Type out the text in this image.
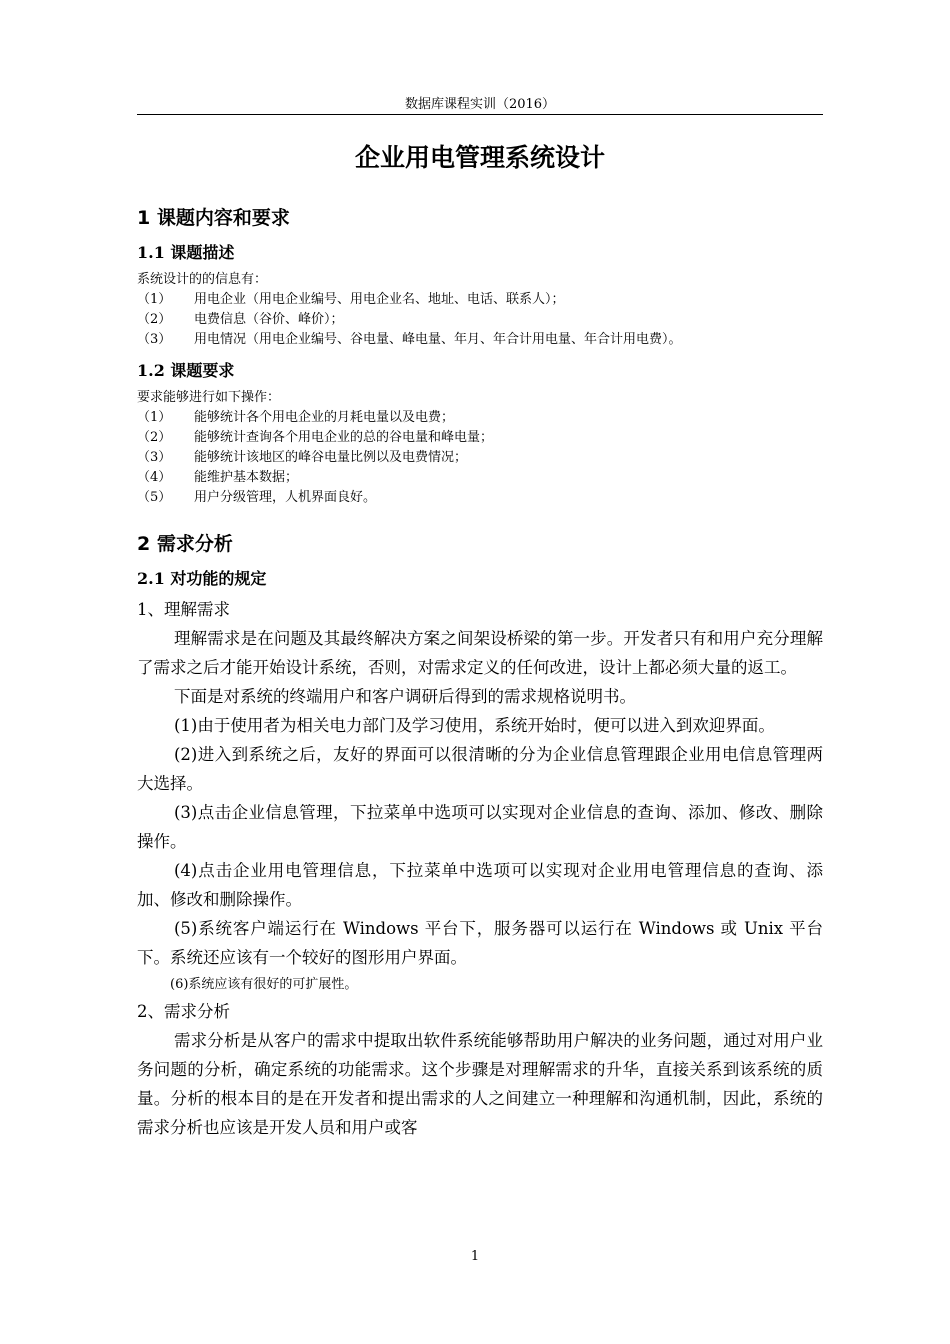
数据库课程实训（2016）
企业用电管理系统设计
1 课题内容和要求
1.1 课题描述

系统设计的的信息有：

（1）	用电企业（用电企业编号、用电企业名、地址、电话、联系人）；
（2）	电费信息（谷价、峰价）；
（3）	用电情况（用电企业编号、谷电量、峰电量、年月、年合计用电量、年合计用电费）。
1.2 课题要求

要求能够进行如下操作：

（1）	能够统计各个用电企业的月耗电量以及电费；
（2）	能够统计查询各个用电企业的总的谷电量和峰电量；
（3）	能够统计该地区的峰谷电量比例以及电费情况；
（4）	能维护基本数据；
（5）	用户分级管理，人机界面良好。
2 需求分析
2.1 对功能的规定

1、理解需求

理解需求是在问题及其最终解决方案之间架设桥梁的第一步。开发者只有和用户充分理解了需求之后才能开始设计系统，否则，对需求定义的任何改进，设计上都必须大量的返工。

下面是对系统的终端用户和客户调研后得到的需求规格说明书。

(1)由于使用者为相关电力部门及学习使用，系统开始时，便可以进入到欢迎界面。

(2)进入到系统之后，友好的界面可以很清晰的分为企业信息管理跟企业用电信息管理两大选择。

(3)点击企业信息管理，下拉菜单中选项可以实现对企业信息的查询、添加、修改、删除操作。

(4)点击企业用电管理信息，下拉菜单中选项可以实现对企业用电管理信息的查询、添加、修改和删除操作。

(5)系统客户端运行在 Windows 平台下，服务器可以运行在 Windows 或 Unix 平台下。系统还应该有一个较好的图形用户界面。

(6)系统应该有很好的可扩展性。

2、需求分析

需求分析是从客户的需求中提取出软件系统能够帮助用户解决的业务问题，通过对用户业务问题的分析，确定系统的功能需求。这个步骤是对理解需求的升华，直接关系到该系统的质量。分析的根本目的是在开发者和提出需求的人之间建立一种理解和沟通机制，因此，系统的需求分析也应该是开发人员和用户或客

1
